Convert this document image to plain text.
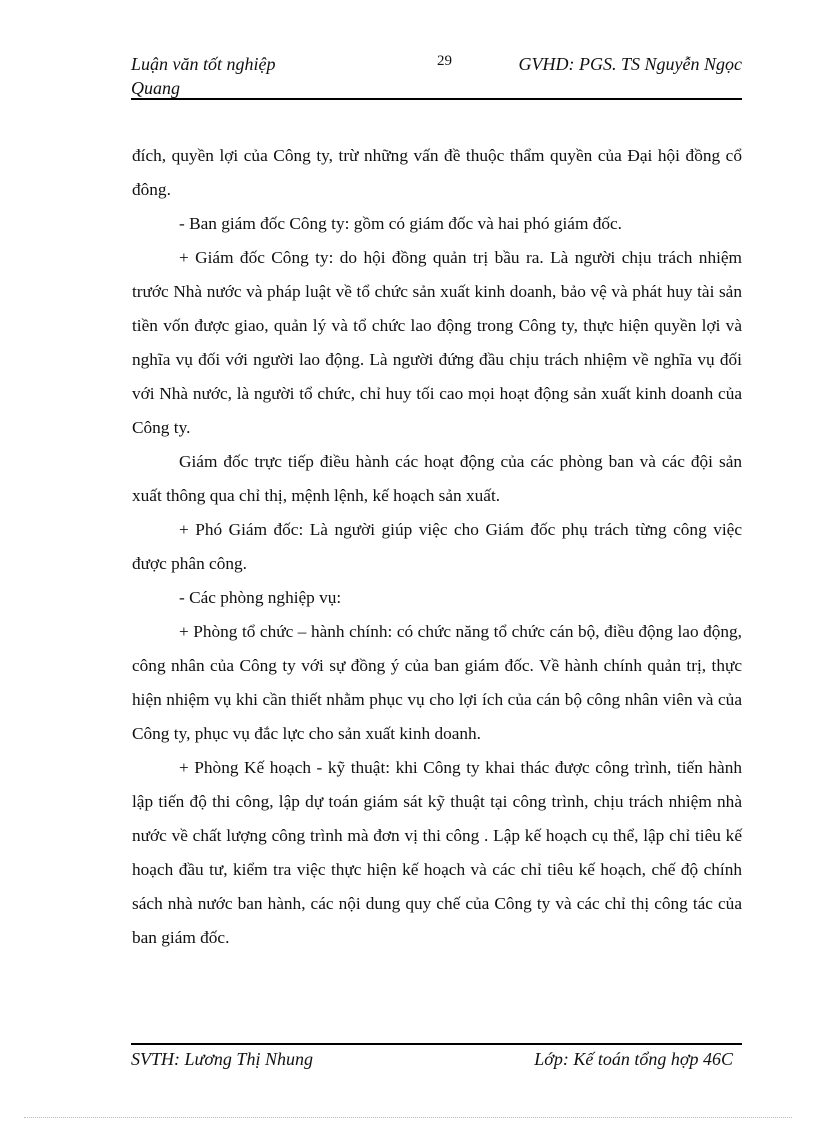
Luận văn tốt nghiệp Quang
29	GVHD: PGS. TS Nguyễn Ngọc

đích, quyền lợi của Công ty, trừ những vấn đề thuộc thẩm quyền của Đại hội đồng cổ đông.

- Ban giám đốc Công ty: gồm có giám đốc và hai phó giám đốc.

+ Giám đốc Công ty: do hội đồng quản trị bầu ra. Là người chịu trách nhiệm trước Nhà nước và pháp luật về tổ chức sản xuất kinh doanh, bảo vệ và phát huy tài sản tiền vốn được giao, quản lý và tổ chức lao động trong Công ty, thực hiện quyền lợi và nghĩa vụ đối với người lao động. Là người đứng đầu chịu trách nhiệm về nghĩa vụ đối với Nhà nước, là người tổ chức, chỉ huy tối cao mọi hoạt động sản xuất kinh doanh của Công ty.

Giám đốc trực tiếp điều hành các hoạt động của các phòng ban và các đội sản xuất thông qua chỉ thị, mệnh lệnh, kế hoạch sản xuất.

+ Phó Giám đốc: Là người giúp việc cho Giám đốc phụ trách từng công việc được phân công.

- Các phòng nghiệp vụ:

+ Phòng tổ chức – hành chính: có chức năng tổ chức cán bộ, điều động lao động, công nhân của Công ty với sự đồng ý của ban giám đốc. Về hành chính quản trị, thực hiện nhiệm vụ khi cần thiết nhằm phục vụ cho lợi ích của cán bộ công nhân viên và của Công ty, phục vụ đắc lực cho sản xuất kinh doanh.

+ Phòng Kế hoạch - kỹ thuật: khi Công ty khai thác được công trình, tiến hành lập tiến độ thi công, lập dự toán giám sát kỹ thuật tại công trình, chịu trách nhiệm nhà nước về chất lượng công trình mà đơn vị thi công . Lập kế hoạch cụ thể, lập chỉ tiêu kế hoạch đầu tư, kiểm tra việc thực hiện kế hoạch và các chỉ tiêu kế hoạch, chế độ chính sách nhà nước ban hành, các nội dung quy chế của Công ty và các chỉ thị công tác của ban giám đốc.

SVTH: Lương Thị Nhung	Lớp: Kế toán tổng hợp 46C
